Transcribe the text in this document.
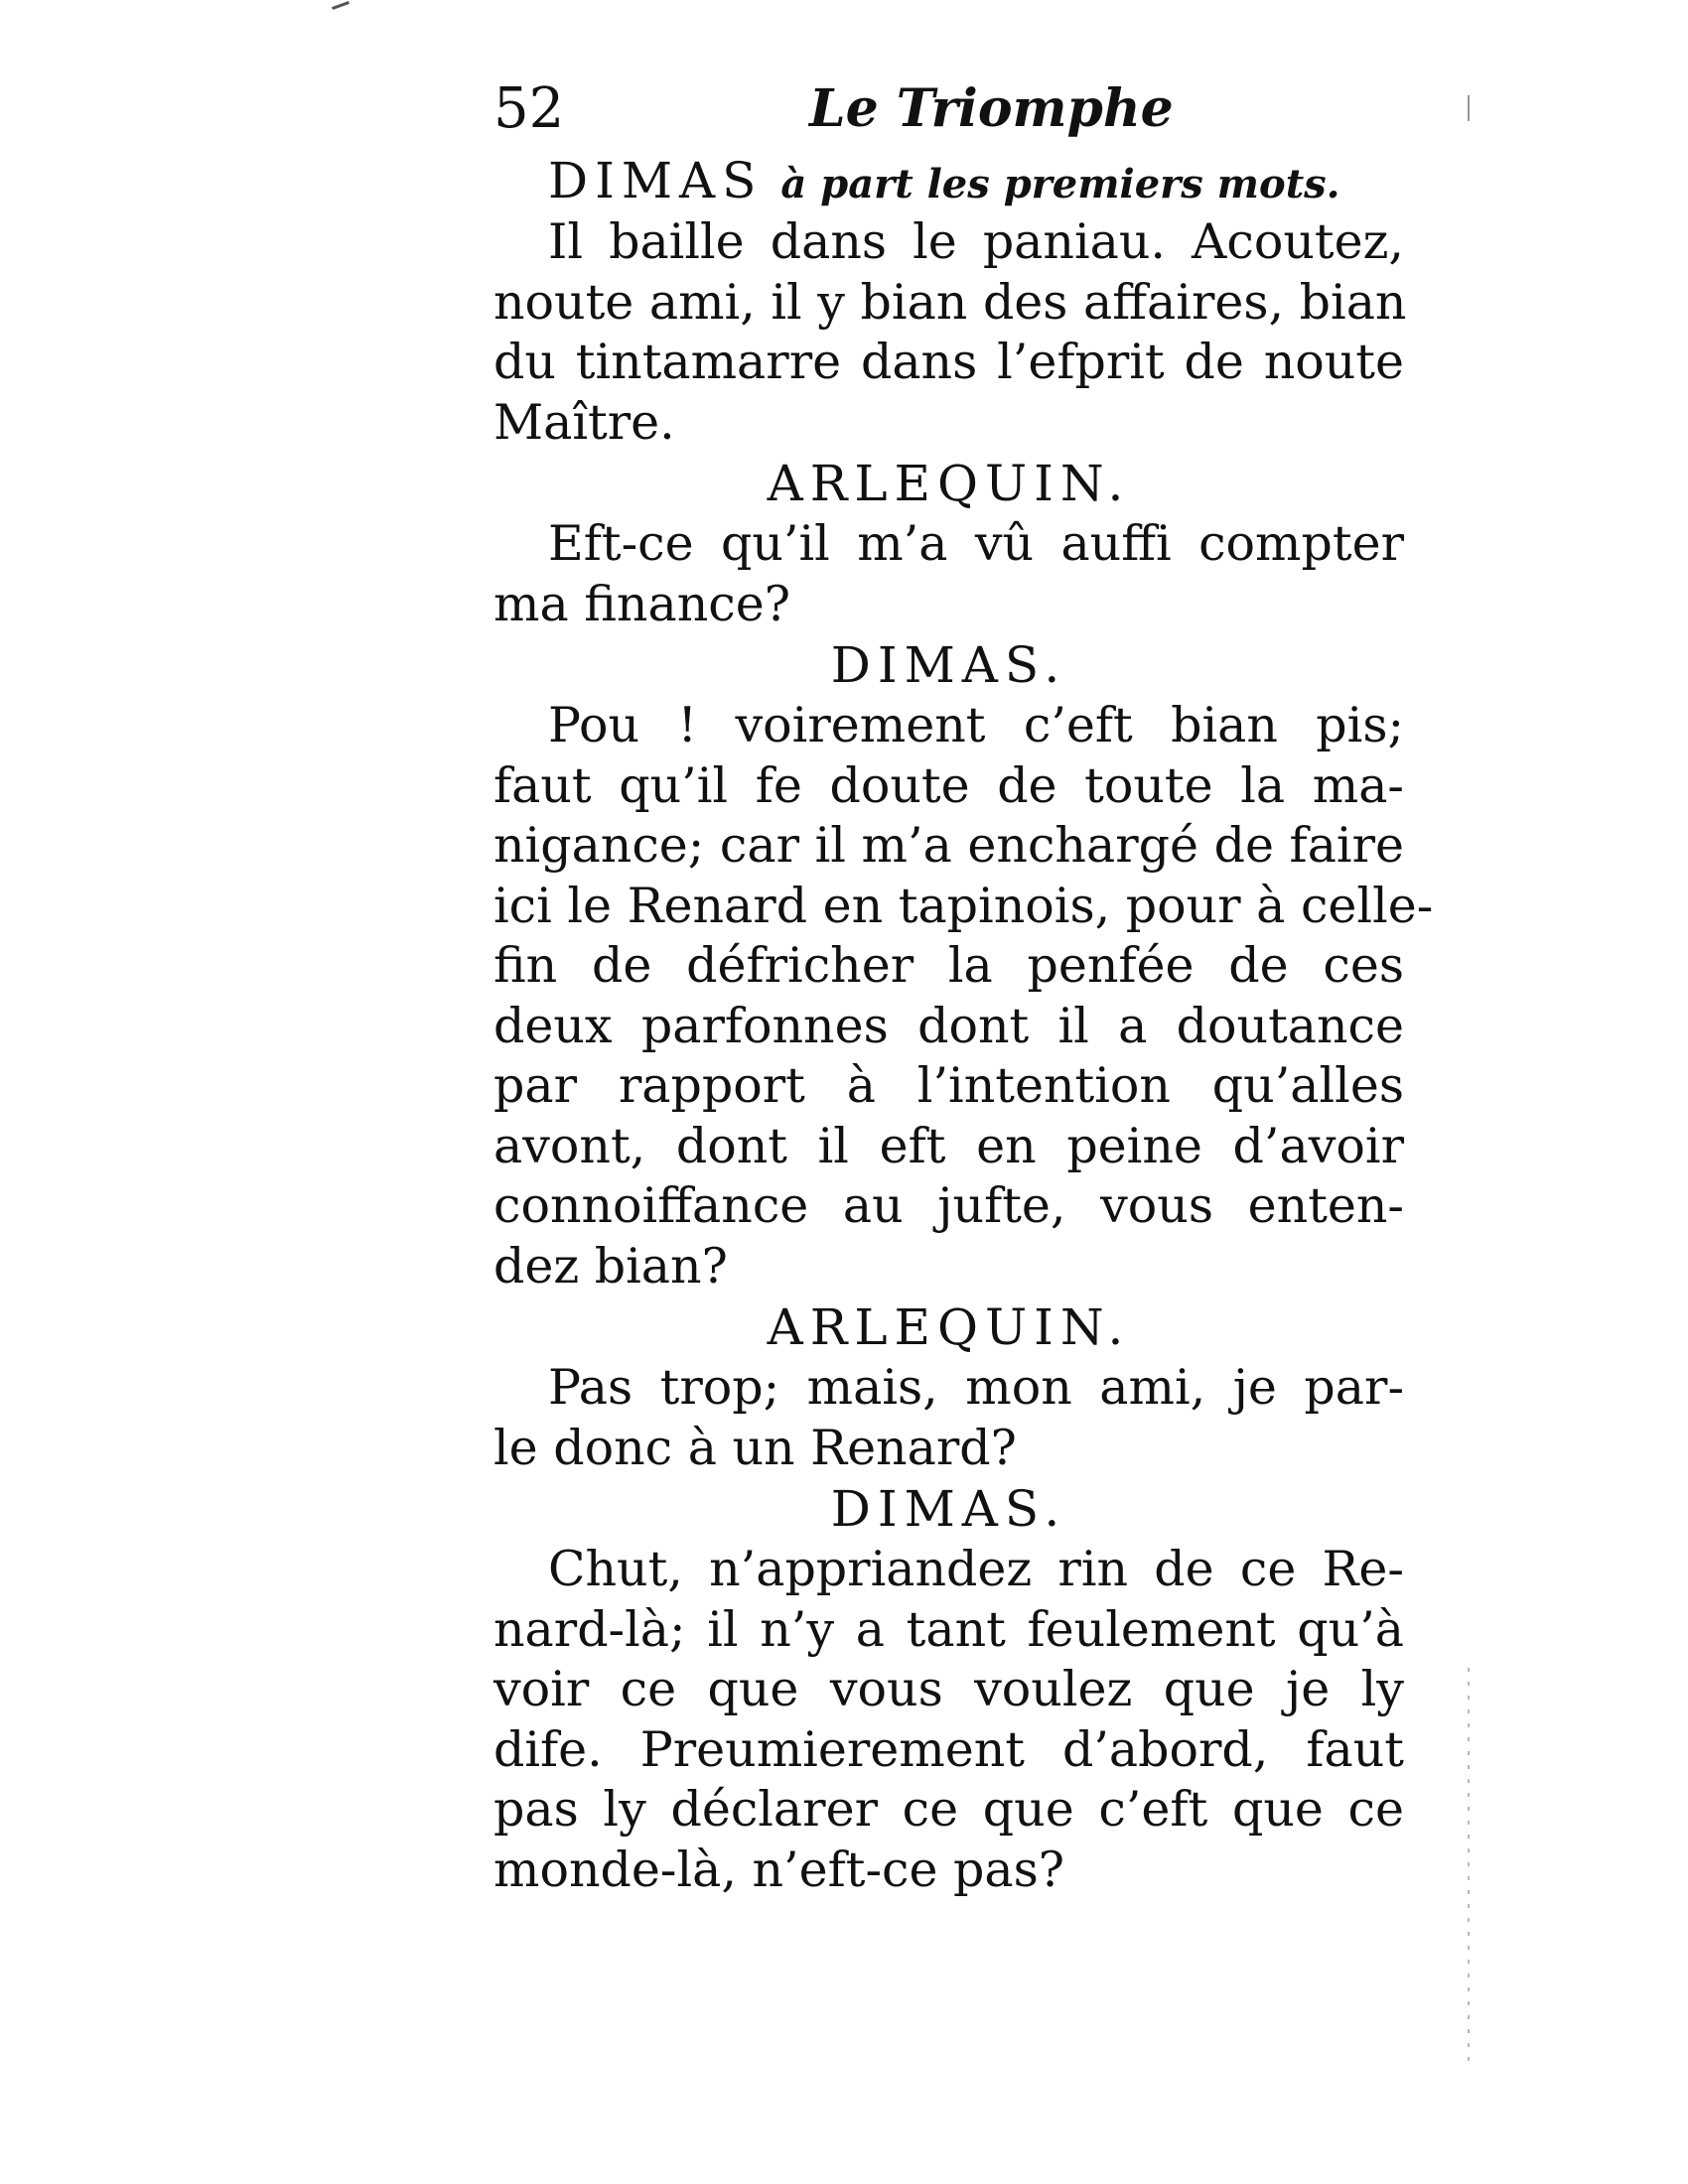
52	Le Triomphe
DIMAS à part les premiers mots.
Il baille dans le paniau. Acoutez,
noute ami, il y bian des affaires, bian
du tintamarre dans l’efprit de noute
Maître.
ARLEQUIN.
Eft-ce qu’il m’a vû auffi compter
ma finance?
DIMAS.
Pou ! voirement c’eft bian pis;
faut qu’il fe doute de toute la ma-
nigance; car il m’a enchargé de faire
ici le Renard en tapinois, pour à celle-
fin de défricher la penfée de ces
deux parfonnes dont il a doutance
par rapport à l’intention qu’alles
avont, dont il eft en peine d’avoir
connoiffance au jufte, vous enten-
dez bian?
ARLEQUIN.
Pas trop; mais, mon ami, je par-
le donc à un Renard?
DIMAS.
Chut, n’appriandez rin de ce Re-
nard-là; il n’y a tant feulement qu’à
voir ce que vous voulez que je ly
dife. Preumierement d’abord, faut
pas ly déclarer ce que c’eft que ce
monde-là, n’eft-ce pas?
